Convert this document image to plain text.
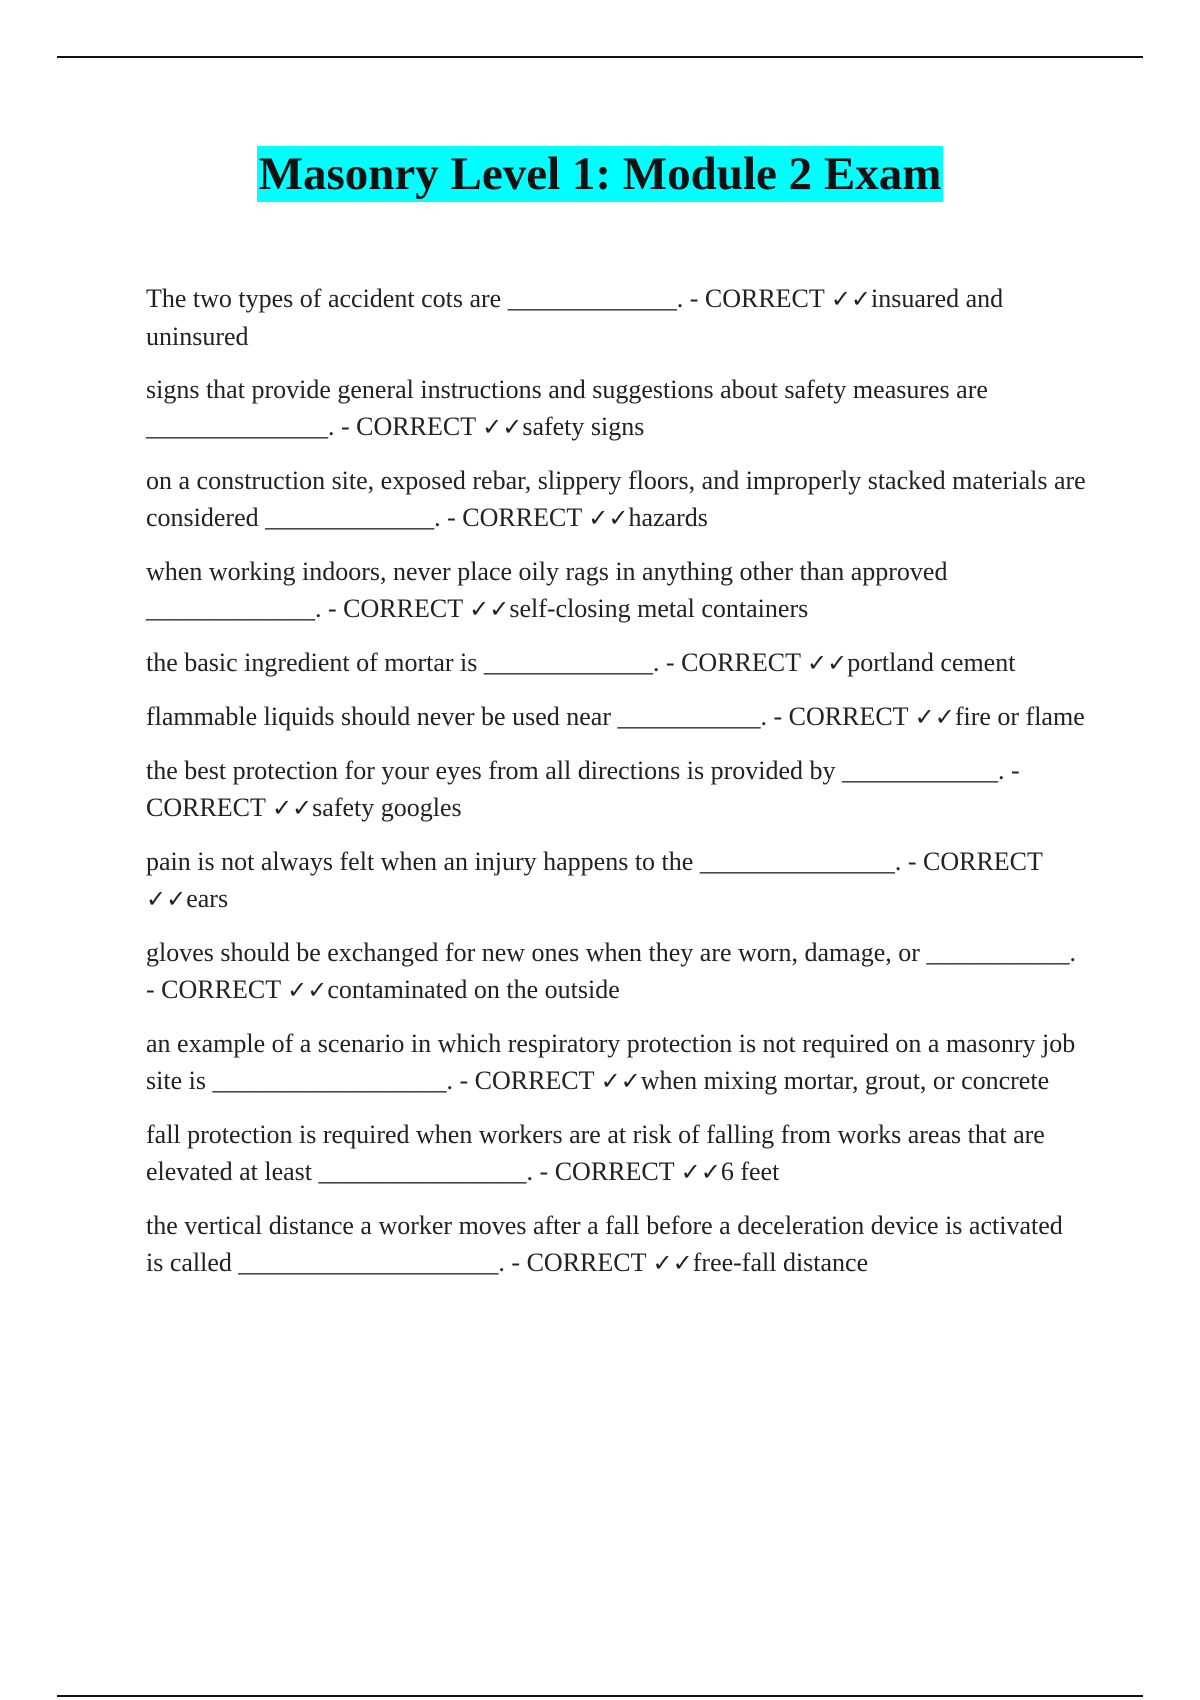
Masonry Level 1: Module 2 Exam
The two types of accident cots are _____________. - CORRECT ✓✓insuared and uninsured
signs that provide general instructions and suggestions about safety measures are ______________. - CORRECT ✓✓safety signs
on a construction site, exposed rebar, slippery floors, and improperly stacked materials are considered _____________. - CORRECT ✓✓hazards
when working indoors, never place oily rags in anything other than approved _____________. - CORRECT ✓✓self-closing metal containers
the basic ingredient of mortar is _____________. - CORRECT ✓✓portland cement
flammable liquids should never be used near ___________. - CORRECT ✓✓fire or flame
the best protection for your eyes from all directions is provided by ____________. - CORRECT ✓✓safety googles
pain is not always felt when an injury happens to the _______________. - CORRECT ✓✓ears
gloves should be exchanged for new ones when they are worn, damage, or ___________. - CORRECT ✓✓contaminated on the outside
an example of a scenario in which respiratory protection is not required on a masonry job site is __________________. - CORRECT ✓✓when mixing mortar, grout, or concrete
fall protection is required when workers are at risk of falling from works areas that are elevated at least ________________. - CORRECT ✓✓6 feet
the vertical distance a worker moves after a fall before a deceleration device is activated is called ____________________. - CORRECT ✓✓free-fall distance
